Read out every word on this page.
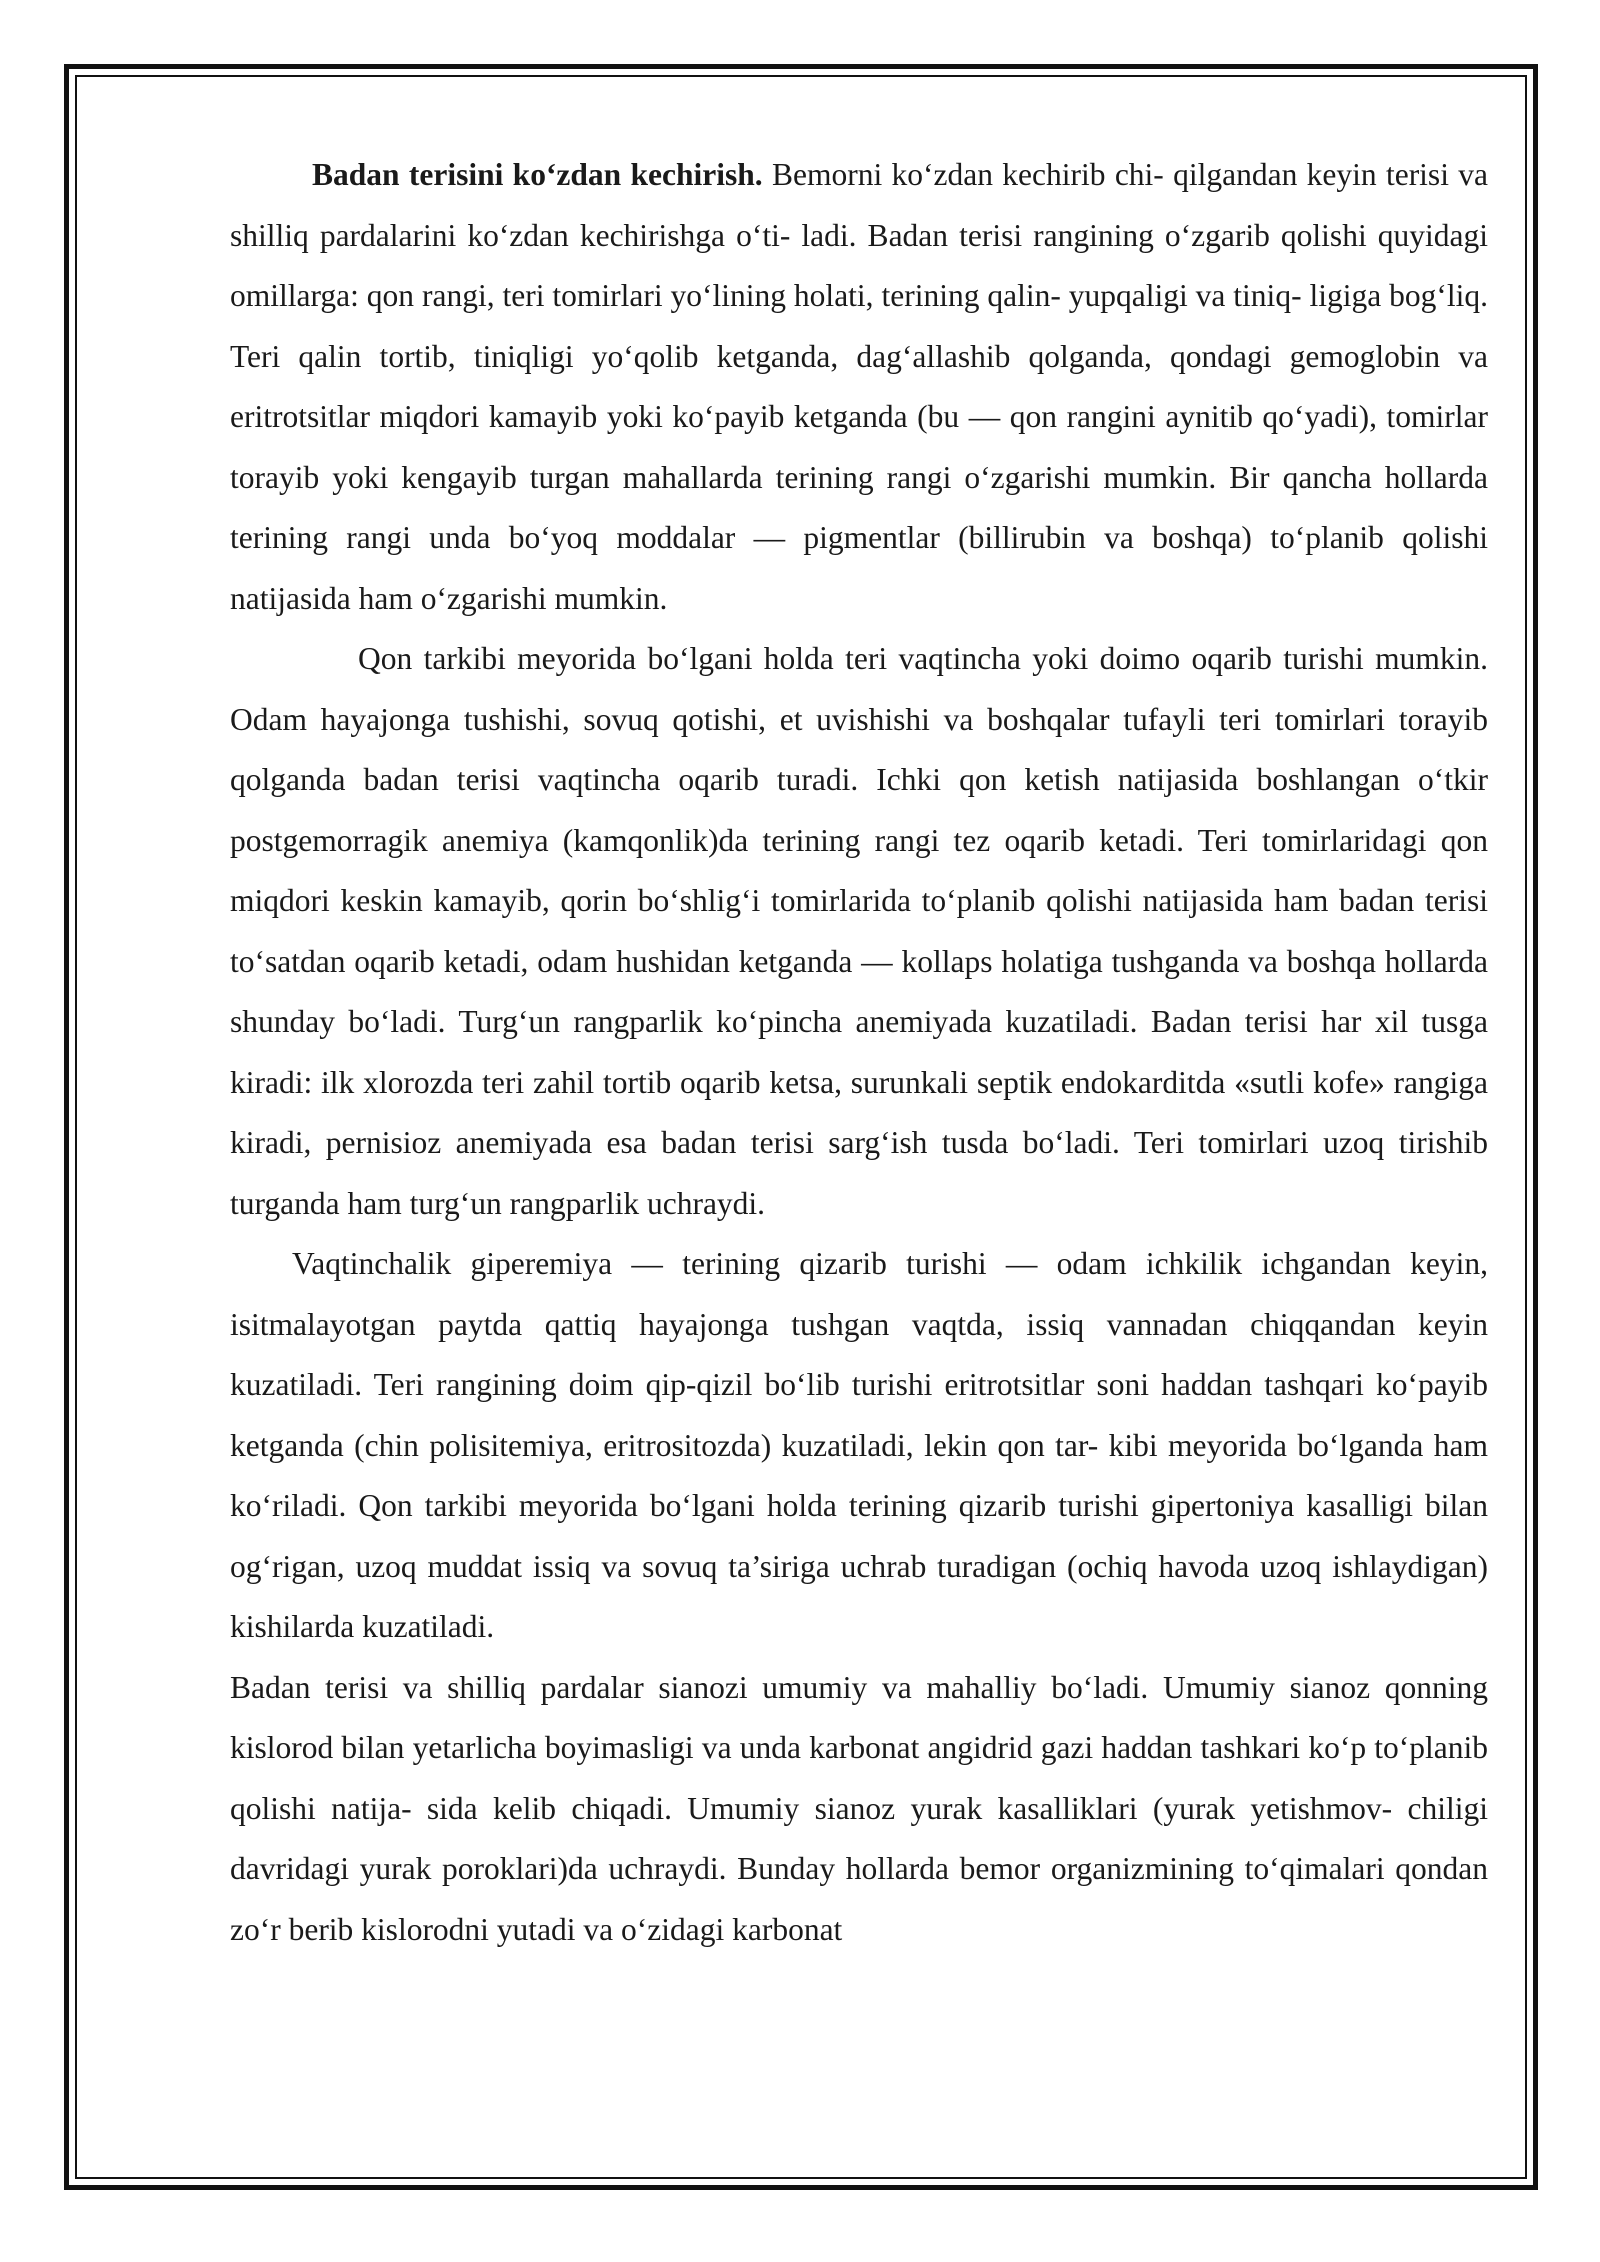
Badan terisini koʻzdan kechirish. Bemorni koʻzdan kechirib chi- qilgandan keyin terisi va shilliq pardalarini koʻzdan kechirishga oʻti- ladi. Badan terisi rangining oʻzgarib qolishi quyidagi omillarga: qon rangi, teri tomirlari yoʻlining holati, terining qalin- yupqaligi va tiniq- ligiga bogʻliq. Teri qalin tortib, tiniqligi yoʻqolib ketganda, dagʻallashib qolganda, qondagi gemoglobin va eritrotsitlar miqdori kamayib yoki koʻpayib ketganda (bu — qon rangini aynitib qoʻyadi), tomirlar torayib yoki kengayib turgan mahallarda terining rangi oʻzgarishi mumkin. Bir qancha hollarda terining rangi unda boʻyoq moddalar — pigmentlar (billirubin va boshqa) toʻplanib qolishi natijasida ham oʻzgarishi mumkin.

Qon tarkibi meyorida boʻlgani holda teri vaqtincha yoki doimo oqarib turishi mumkin. Odam hayajonga tushishi, sovuq qotishi, et uvishishi va boshqalar tufayli teri tomirlari torayib qolganda badan terisi vaqtincha oqarib turadi. Ichki qon ketish natijasida boshlangan oʻtkir postgemorragik anemiya (kamqonlik)da terining rangi tez oqarib ketadi. Teri tomirlaridagi qon miqdori keskin kamayib, qorin boʻshligʻi tomirlarida toʻplanib qolishi natijasida ham badan terisi toʻsatdan oqarib ketadi, odam hushidan ketganda — kollaps holatiga tushganda va boshqa hollarda shunday boʻladi. Turgʻun rangparlik koʻpincha anemiyada kuzatiladi. Badan terisi har xil tusga kiradi: ilk xlorozda teri zahil tortib oqarib ketsa, surunkali septik endokarditda «sutli kofe» rangiga kiradi, pernisioz anemiyada esa badan terisi sargʻish tusda boʻladi. Teri tomirlari uzoq tirishib turganda ham turgʻun rangparlik uchraydi.

Vaqtinchalik giperemiya — terining qizarib turishi — odam ichkilik ichgandan keyin, isitmalayotgan paytda qattiq hayajonga tushgan vaqtda, issiq vannadan chiqqandan keyin kuzatiladi. Teri rangining doim qip-qizil boʻlib turishi eritrotsitlar soni haddan tashqari koʻpayib ketganda (chin polisitemiya, eritrositozda) kuzatiladi, lekin qon tar- kibi meyorida boʻlganda ham koʻriladi. Qon tarkibi meyorida boʻlgani holda terining qizarib turishi gipertoniya kasalligi bilan ogʻrigan, uzoq muddat issiq va sovuq ta’siriga uchrab turadigan (ochiq havoda uzoq ishlaydigan) kishilarda kuzatiladi.

Badan terisi va shilliq pardalar sianozi umumiy va mahalliy boʻladi. Umumiy sianoz qonning kislorod bilan yetarlicha boyimasligi va unda karbonat angidrid gazi haddan tashkari koʻp toʻplanib qolishi natija- sida kelib chiqadi. Umumiy sianoz yurak kasalliklari (yurak yetishmov- chiligi davridagi yurak poroklari)da uchraydi. Bunday hollarda bemor organizmining toʻqimalari qondan zoʻr berib kislorodni yutadi va oʻzidagi karbonat
